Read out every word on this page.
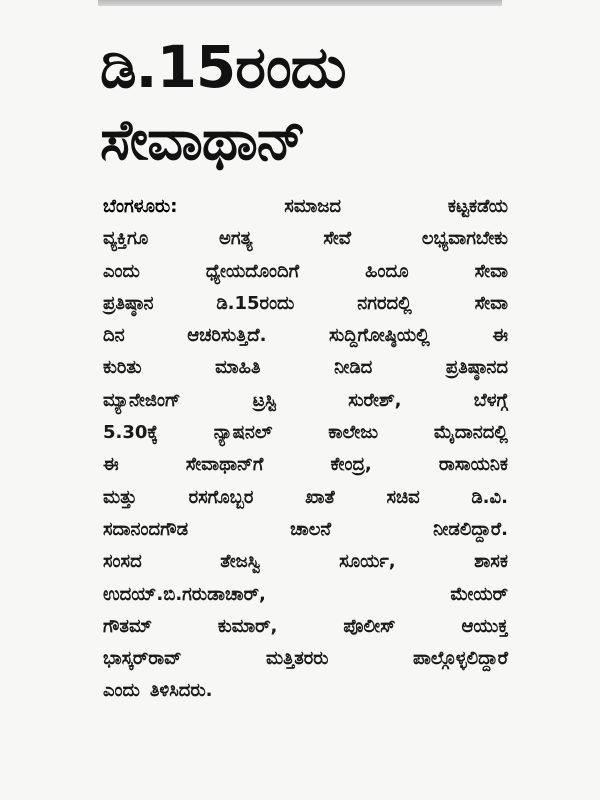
ಡಿ.15ರಂದು
ಸೇವಾಥಾನ್
ಬೆಂಗಳೂರು:	ಸಮಾಜದ	ಕಟ್ಟಕಡೆಯ
ವ್ಯಕ್ತಿಗೂ	ಅಗತ್ಯ	ಸೇವೆ	ಲಭ್ಯವಾಗಬೇಕು
ಎಂದು	ಧ್ಯೇಯದೊಂದಿಗೆ	ಹಿಂದೂ	ಸೇವಾ
ಪ್ರತಿಷ್ಠಾನ	ಡಿ.15ರಂದು	ನಗರದಲ್ಲಿ	ಸೇವಾ
ದಿನ	ಆಚರಿಸುತ್ತಿದೆ.	ಸುದ್ದಿಗೋಷ್ಠಿಯಲ್ಲಿ	ಈ
ಕುರಿತು	ಮಾಹಿತಿ	ನೀಡಿದ	ಪ್ರತಿಷ್ಠಾನದ
ಮ್ಯಾನೇಜಿಂಗ್	ಟ್ರಸ್ಟಿ	ಸುರೇಶ್,	ಬೆಳಗ್ಗೆ
5.30ಕ್ಕೆ	ನ್ಯಾಷನಲ್	ಕಾಲೇಜು	ಮೈದಾನದಲ್ಲಿ
ಈ	ಸೇವಾಥಾನ್‌ಗೆ	ಕೇಂದ್ರ,	ರಾಸಾಯನಿಕ
ಮತ್ತು	ರಸಗೊಬ್ಬರ	ಖಾತೆ	ಸಚಿವ	ಡಿ.ವಿ.
ಸದಾನಂದಗೌಡ	ಚಾಲನೆ	ನೀಡಲಿದ್ದಾರೆ.
ಸಂಸದ	ತೇಜಸ್ವಿ	ಸೂರ್ಯ,	ಶಾಸಕ
ಉದಯ್.ಬಿ.ಗರುಡಾಚಾರ್,	ಮೇಯರ್
ಗೌತಮ್	ಕುಮಾರ್,	ಪೊಲೀಸ್	ಆಯುಕ್ತ
ಭಾಸ್ಕರ್‌ರಾವ್	ಮತ್ತಿತರರು	ಪಾಲ್ಗೊಳ್ಳಲಿದ್ದಾರೆ
ಎಂದು ತಿಳಿಸಿದರು.
